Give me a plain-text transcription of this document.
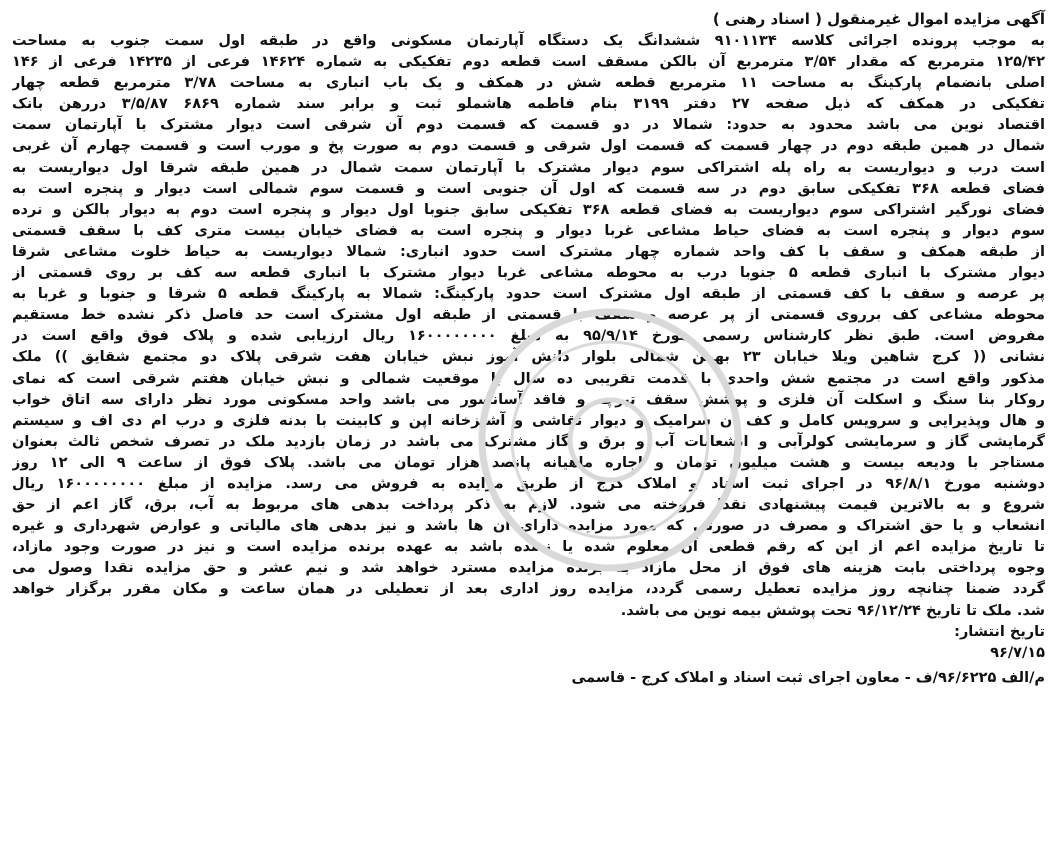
آگهی مزایده اموال غیرمنقول ( اسناد رهنی )
به موجب پرونده اجرائی کلاسه ۹۱۰۱۱۳۴ ششدانگ یک دستگاه آپارتمان مسکونی واقع در طبقه اول سمت جنوب به مساحت
۱۲۵/۴۲ مترمربع که مقدار ۳/۵۴ مترمربع آن بالکن مسقف است قطعه دوم تفکیکی به شماره ۱۴۶۲۴ فرعی از ۱۴۲۳۵ فرعی از ۱۴۶
اصلی بانضمام پارکینگ به مساحت ۱۱ مترمربع قطعه شش در همکف و یک باب انباری به مساحت ۳/۷۸ مترمربع قطعه چهار
تفکیکی در همکف که ذیل صفحه ۲۷ دفتر ۳۱۹۹ بنام فاطمه هاشملو ثبت و برابر سند شماره ۶۸۶۹ ۳/۵/۸۷ دررهن بانک
اقتصاد نوین می باشد محدود به حدود: شمالا در دو قسمت که قسمت دوم آن شرقی است دیوار مشترک با آپارتمان سمت
شمال در همین طبقه دوم در چهار قسمت که قسمت اول شرقی و قسمت دوم به صورت پخ و مورب است و قسمت چهارم آن غربی
است درب و دیواریست به راه پله اشتراکی سوم دیوار مشترک با آپارتمان سمت شمال در همین طبقه شرقا اول دیواریست به
فضای قطعه ۳۶۸ تفکیکی سابق دوم در سه قسمت که اول آن جنوبی است و قسمت سوم شمالی است دیوار و پنجره است به
فضای نورگیر اشتراکی سوم دیواریست به فضای قطعه ۳۶۸ تفکیکی سابق جنوبا اول دیوار و پنجره است دوم به دیوار بالکن و نرده
سوم دیوار و پنجره است به فضای حیاط مشاعی غربا دیوار و پنجره است به فضای خیابان بیست متری کف با سقف قسمتی
از طبقه همکف و سقف با کف واحد شماره چهار مشترک است حدود انباری: شمالا دیواریست به حیاط خلوت مشاعی شرقا
دیوار مشترک با انباری قطعه ۵ جنوبا درب به محوطه مشاعی غربا دیوار مشترک با انباری قطعه سه کف بر روی قسمتی از
پر عرصه و سقف با کف قسمتی از طبقه اول مشترک است حدود پارکینگ: شمالا به پارکینگ قطعه ۵ شرقا و جنوبا و غربا به
محوطه مشاعی کف برروی قسمتی از پر عرصه و سقف با قسمتی از طبقه اول مشترک است حد فاصل ذکر نشده خط مستقیم
مفروض است. طبق نظر کارشناس رسمی مورخ ۹۵/۹/۱۴ به مبلغ ۱۶۰۰۰۰۰۰۰۰ ریال ارزیابی شده و پلاک فوق واقع است در
نشانی (( کرج شاهین ویلا خیابان ۲۳ بهمن شمالی بلوار دانش آموز نبش خیابان هفت شرقی پلاک دو مجتمع شقایق )) ملک
مذکور واقع است در مجتمع شش واحدی با قدمت تقریبی ده سال با موقعیت شمالی و نبش خیابان هفتم شرقی است که نمای
روکار بنا سنگ و اسکلت آن فلزی و پوشش سقف تیرچه و فاقد آسانسور می باشد واحد مسکونی مورد نظر دارای سه اتاق خواب
و هال وپذیرایی و سرویس کامل و کف آن سرامیک و دیوار نقاشی و آشپزخانه اپن و کابینت با بدنه فلزی و درب ام دی اف و سیستم
گرمایشی گاز و سرمایشی کولرآبی و انشعابات آب و برق و گاز مشترک می باشد در زمان بازدید ملک در تصرف شخص ثالث بعنوان
مستاجر با ودیعه بیست و هشت میلیون تومان و اجاره ماهیانه پانصد هزار تومان می باشد. پلاک فوق از ساعت ۹ الی ۱۲ روز
دوشنبه مورخ ۹۶/۸/۱ در اجرای ثبت اسناد و املاک کرج از طریق مزایده به فروش می رسد. مزایده از مبلغ ۱۶۰۰۰۰۰۰۰۰ ریال
شروع و به بالاترین قیمت پیشنهادی نقدا فروخته می شود. لازم به ذکر پرداخت بدهی های مربوط به آب، برق، گاز اعم از حق
انشعاب و یا حق اشتراک و مصرف در صورتی که مورد مزایده دارای آن ها باشد و نیز بدهی های مالیاتی و عوارض شهرداری و غیره
تا تاریخ مزایده اعم از این که رقم قطعی آن معلوم شده یا نشده باشد به عهده برنده مزایده است و نیز در صورت وجود مازاد،
وجوه پرداختی بابت هزینه های فوق از محل مازاد به برنده مزایده مسترد خواهد شد و نیم عشر و حق مزایده نقدا وصول می
گردد ضمنا چنانچه روز مزایده تعطیل رسمی گردد، مزایده روز اداری بعد از تعطیلی در همان ساعت و مکان مقرر برگزار خواهد
شد. ملک تا تاریخ ۹۶/۱۲/۲۴ تحت پوشش بیمه نوین می باشد.
تاریخ انتشار:
۹۶/۷/۱۵
م/الف ۹۶/۶۲۲۵/ف - معاون اجرای ثبت اسناد و املاک کرج - قاسمی
